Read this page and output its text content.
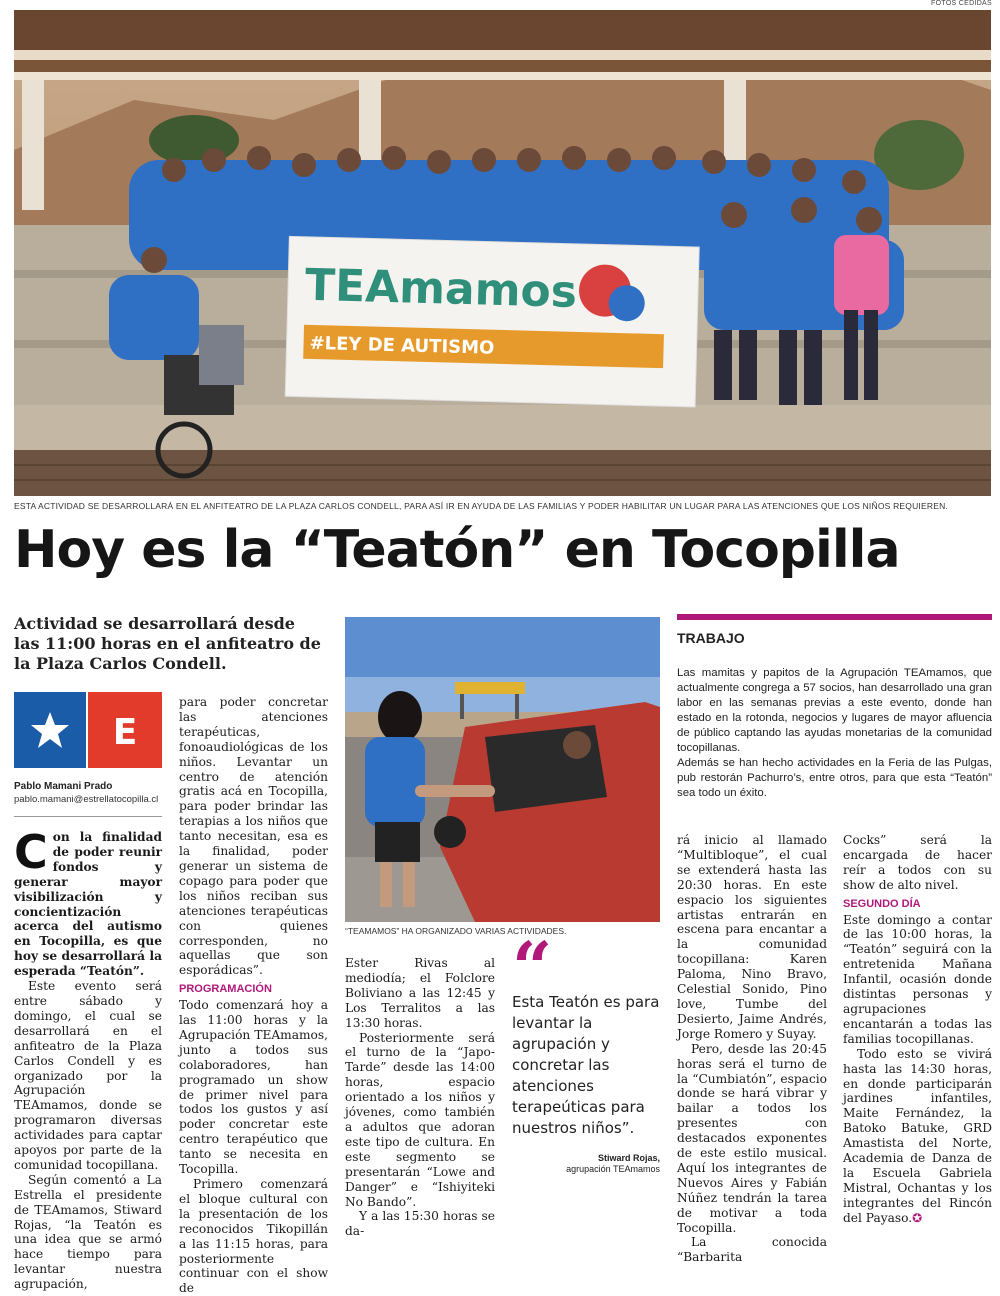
FOTOS CEDIDAS
TEAmamos
#LEY DE AUTISMO
ESTA ACTIVIDAD SE DESARROLLARÁ EN EL ANFITEATRO DE LA PLAZA CARLOS CONDELL, PARA ASÍ IR EN AYUDA DE LAS FAMILIAS Y PODER HABILITAR UN LUGAR PARA LAS ATENCIONES QUE LOS NIÑOS REQUIEREN.
Hoy es la “Teatón” en Tocopilla
Actividad se desarrollará desde las 11:00 horas en el anfiteatro de la Plaza Carlos Condell.
E
Pablo Mamani Prado
pablo.mamani@estrellatocopilla.cl

Con la finalidad de poder reunir fondos y generar mayor visibilización y concientización acerca del autismo en Tocopilla, es que hoy se desarrollará la esperada “Teatón”.

Este evento será entre sábado y domingo, el cual se desarrollará en el anfiteatro de la Plaza Carlos Condell y es organizado por la Agrupación TEAmamos, donde se programaron diversas actividades para captar apoyos por parte de la comunidad tocopillana.

Según comentó a La Estrella el presidente de TEAmamos, Stiward Rojas, “la Teatón es una idea que se armó hace tiempo para levantar nuestra agrupación,

para poder concretar las atenciones terapéuticas, fonoaudiológicas de los niños. Levantar un centro de atención gratis acá en Tocopilla, para poder brindar las terapias a los niños que tanto necesitan, esa es la finalidad, poder generar un sistema de copago para poder que los niños reciban sus atenciones terapéuticas con quienes corresponden, no aquellas que son esporádicas”.

PROGRAMACIÓN

Todo comenzará hoy a las 11:00 horas y la Agrupación TEAmamos, junto a todos sus colaboradores, han programado un show de primer nivel para todos los gustos y así poder concretar este centro terapéutico que tanto se necesita en Tocopilla.

Primero comenzará el bloque cultural con la presentación de los reconocidos Tikopillán a las 11:15 horas, para posteriormente continuar con el show de

“TEAMAMOS” HA ORGANIZADO VARIAS ACTIVIDADES.

Ester Rivas al mediodía; el Folclore Boliviano a las 12:45 y Los Terralitos a las 13:30 horas.

Posteriormente será el turno de la “Japo-Tarde” desde las 14:00 horas, espacio orientado a los niños y jóvenes, como también a adultos que adoran este tipo de cultura. En este segmento se presentarán “Lowe and Danger” e “Ishiyiteki No Bando”.

Y a las 15:30 horas se da-

“
Esta Teatón es para levantar la agrupación y concretar las atenciones terapeúticas para nuestros niños”.
Stiward Rojas,
agrupación TEAmamos
TRABAJO

Las mamitas y papitos de la Agrupación TEAmamos, que actualmente congrega a 57 socios, han desarrollado una gran labor en las semanas previas a este evento, donde han estado en la rotonda, negocios y lugares de mayor afluencia de público captando las ayudas monetarias de la comunidad tocopillanas.

Además se han hecho actividades en la Feria de las Pulgas, pub restorán Pachurro’s, entre otros, para que esta “Teatón” sea todo un éxito.

rá inicio al llamado “Multibloque”, el cual se extenderá hasta las 20:30 horas. En este espacio los siguientes artistas entrarán en escena para encantar a la comunidad tocopillana: Karen Paloma, Nino Bravo, Celestial Sonido, Pino love, Tumbe del Desierto, Jaime Andrés, Jorge Romero y Suyay.

Pero, desde las 20:45 horas será el turno de la “Cumbiatón”, espacio donde se hará vibrar y bailar a todos los presentes con destacados exponentes de este estilo musical. Aquí los integrantes de Nuevos Aires y Fabián Núñez tendrán la tarea de motivar a toda Tocopilla.

La conocida “Barbarita

Cocks” será la encargada de hacer reír a todos con su show de alto nivel.

SEGUNDO DÍA

Este domingo a contar de las 10:00 horas, la “Teatón” seguirá con la entretenida Mañana Infantil, ocasión donde distintas personas y agrupaciones encantarán a todas las familias tocopillanas.

Todo esto se vivirá hasta las 14:30 horas, en donde participarán jardines infantiles, Maite Fernández, la Batoko Batuke, GRD Amastista del Norte, Academia de Danza de la Escuela Gabriela Mistral, Ochantas y los integrantes del Rincón del Payaso.✪
